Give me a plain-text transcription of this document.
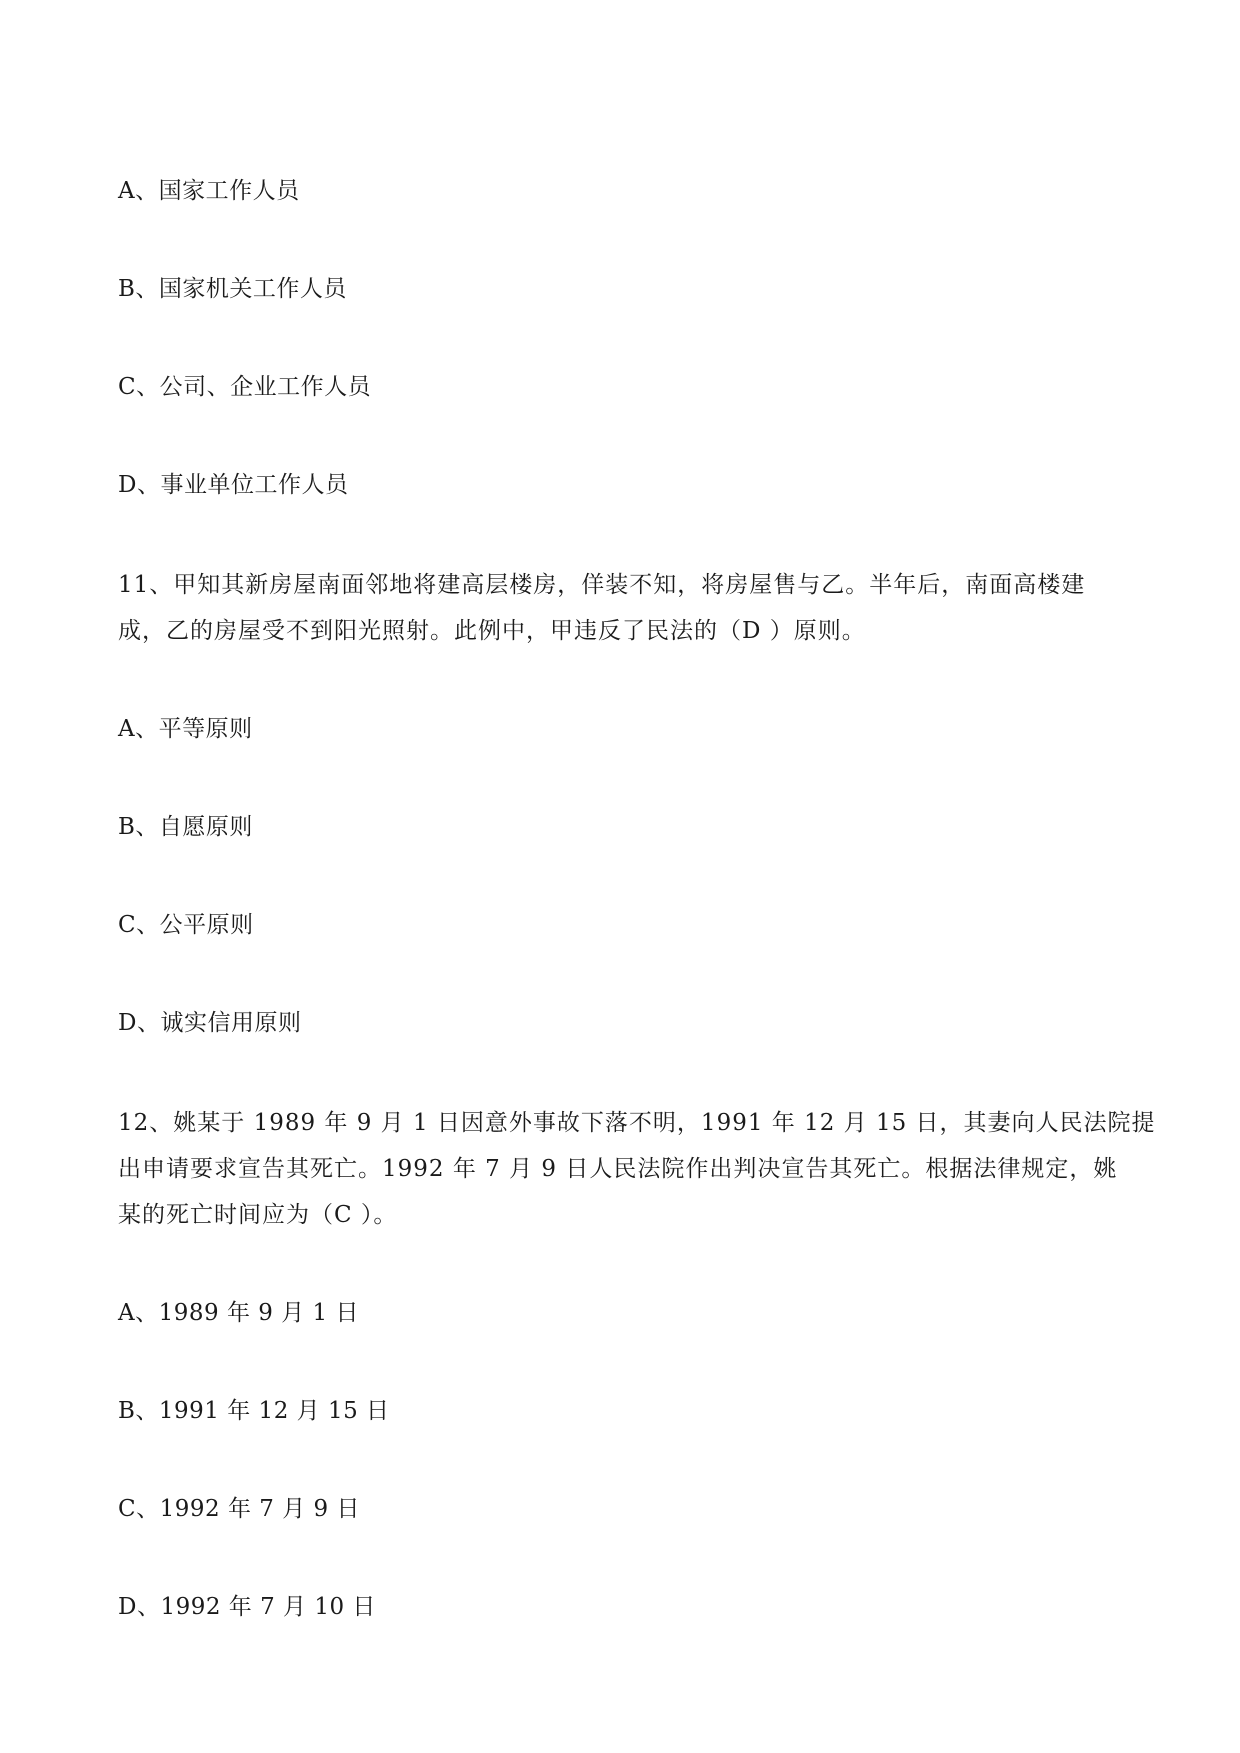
A、国家工作人员
B、国家机关工作人员
C、公司、企业工作人员
D、事业单位工作人员
11、甲知其新房屋南面邻地将建高层楼房，佯装不知，将房屋售与乙。半年后，南面高楼建
成，乙的房屋受不到阳光照射。此例中，甲违反了民法的（D ）原则。
A、平等原则
B、自愿原则
C、公平原则
D、诚实信用原则
12、姚某于 1989 年 9 月 1 日因意外事故下落不明，1991 年 12 月 15 日，其妻向人民法院提
出申请要求宣告其死亡。1992 年 7 月 9 日人民法院作出判决宣告其死亡。根据法律规定，姚
某的死亡时间应为（C ）。
A、1989 年 9 月 1 日
B、1991 年 12 月 15 日
C、1992 年 7 月 9 日
D、1992 年 7 月 10 日
